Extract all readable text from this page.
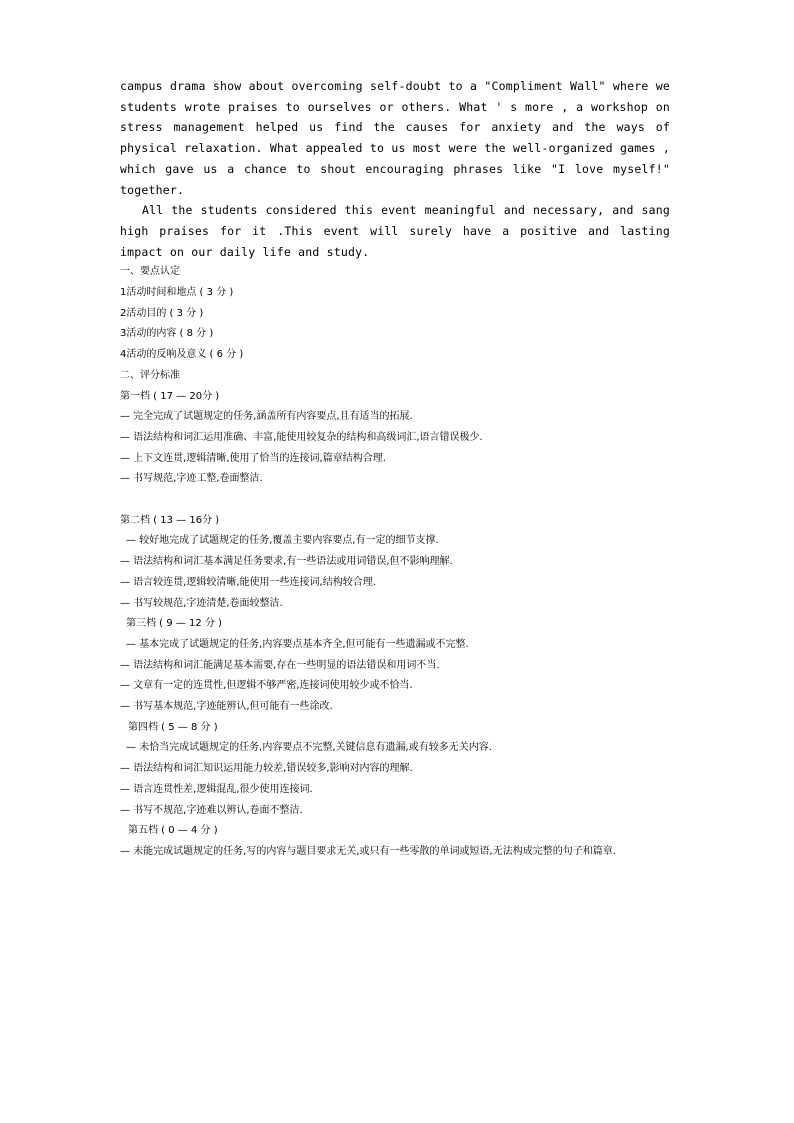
campus drama show about overcoming self-doubt to a "Compliment Wall" where we students wrote praises to ourselves or others. What ' s more , a workshop on stress management helped us find the causes for anxiety and the ways of physical relaxation. What appealed to us most were the well-organized games , which gave us a chance to shout encouraging phrases like "I love myself!" together.

All the students considered this event meaningful and necessary, and sang high praises for it .This event will surely have a positive and lasting impact on our daily life and study.

一、要点认定

1活动时间和地点 ( 3 分 )

2活动目的 ( 3 分 )

3活动的内容 ( 8 分 )

4活动的反响及意义 ( 6 分 )

二、评分标准

第一档 ( 17 — 20分 )

— 完全完成了试题规定的任务,涵盖所有内容要点,且有适当的拓展.

— 语法结构和词汇运用准确、丰富,能使用较复杂的结构和高级词汇,语言错误极少.

— 上下文连贯,逻辑清晰,使用了恰当的连接词,篇章结构合理.

— 书写规范,字迹工整,卷面整洁.

第二档 ( 13 — 16分 )

— 较好地完成了试题规定的任务,覆盖主要内容要点,有一定的细节支撑.

— 语法结构和词汇基本满足任务要求,有一些语法或用词错误,但不影响理解.

— 语言较连贯,逻辑较清晰,能使用一些连接词,结构较合理.

— 书写较规范,字迹清楚,卷面较整洁.

第三档 ( 9 — 12 分 )

— 基本完成了试题规定的任务,内容要点基本齐全,但可能有一些遗漏或不完整.

— 语法结构和词汇能满足基本需要,存在一些明显的语法错误和用词不当.

— 文章有一定的连贯性,但逻辑不够严密,连接词使用较少或不恰当.

— 书写基本规范,字迹能辨认,但可能有一些涂改.

第四档 ( 5 — 8 分 )

— 未恰当完成试题规定的任务,内容要点不完整,关键信息有遗漏,或有较多无关内容.

— 语法结构和词汇知识运用能力较差,错误较多,影响对内容的理解.

— 语言连贯性差,逻辑混乱,很少使用连接词.

— 书写不规范,字迹难以辨认,卷面不整洁.

第五档 ( 0 — 4 分 )

— 未能完成试题规定的任务,写的内容与题目要求无关,或只有一些零散的单词或短语,无法构成完整的句子和篇章.
